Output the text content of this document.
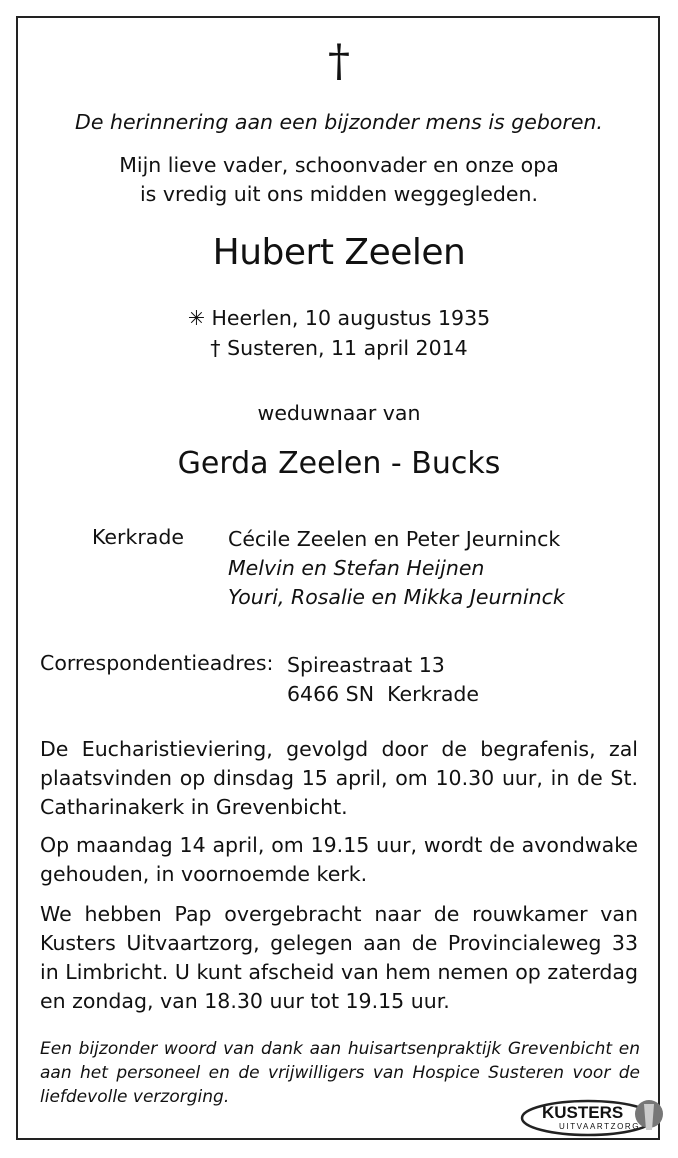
†
De herinnering aan een bijzonder mens is geboren.
Mijn lieve vader, schoonvader en onze opa
is vredig uit ons midden weggegleden.
Hubert Zeelen
✳ Heerlen, 10 augustus 1935
† Susteren, 11 april 2014
weduwnaar van
Gerda Zeelen - Bucks
Kerkrade Cécile Zeelen en Peter Jeurninck
Melvin en Stefan Heijnen
Youri, Rosalie en Mikka Jeurninck
Correspondentieadres: Spireastraat 13
6466 SN  Kerkrade
De Eucharistieviering, gevolgd door de begrafenis, zal plaatsvinden op dinsdag 15 april, om 10.30 uur, in de St. Catharinakerk in Grevenbicht.
Op maandag 14 april, om 19.15 uur, wordt de avondwake gehouden, in voornoemde kerk.
We hebben Pap overgebracht naar de rouwkamer van Kusters Uitvaartzorg, gelegen aan de Provincialeweg 33 in Limbricht. U kunt afscheid van hem nemen op zaterdag en zondag, van 18.30 uur tot 19.15 uur.
Een bijzonder woord van dank aan huisartsenpraktijk Grevenbicht en aan het personeel en de vrijwilligers van Hospice Susteren voor de liefdevolle verzorging.
KUSTERS
UITVAARTZORG
